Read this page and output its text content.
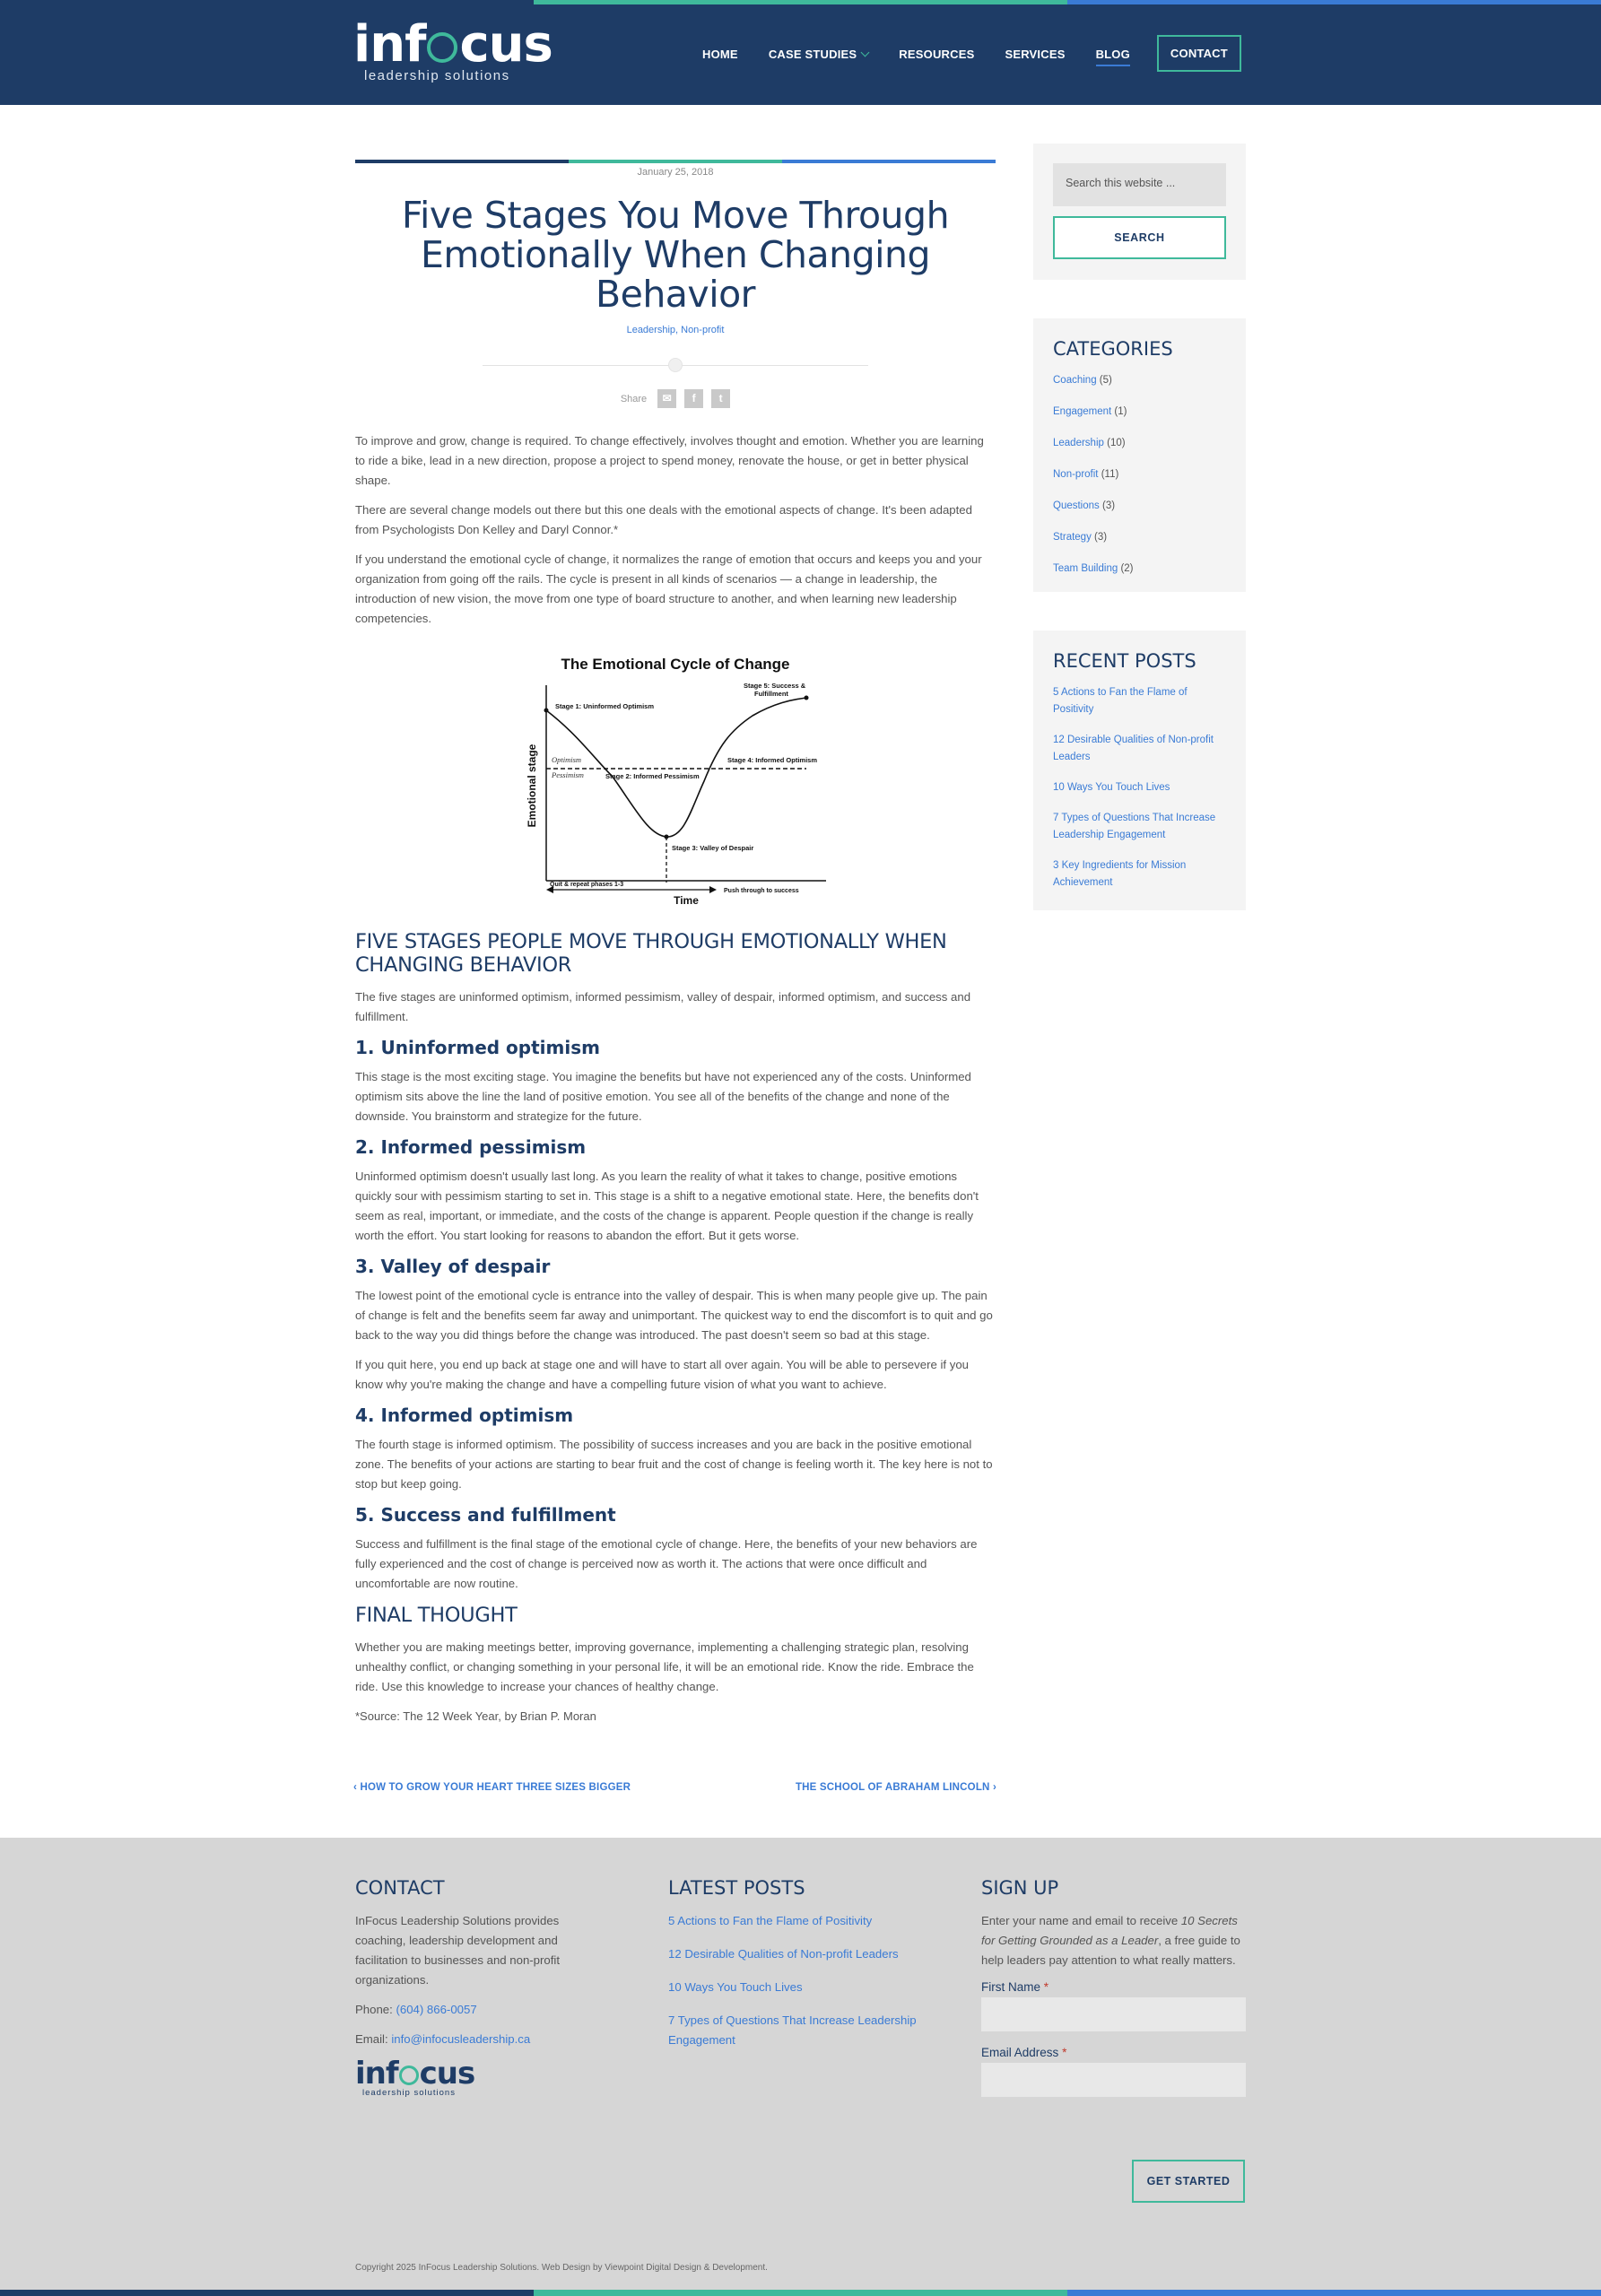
inf cus
leadership solutions
HOME	CASE STUDIES	RESOURCES	SERVICES	BLOG	CONTACT
January 25, 2018
Five Stages You Move Through Emotionally When Changing Behavior
Leadership, Non-profit
Share	✉	f	t

To improve and grow, change is required. To change effectively, involves thought and emotion. Whether you are learning to ride a bike, lead in a new direction, propose a project to spend money, renovate the house, or get in better physical shape.

There are several change models out there but this one deals with the emotional aspects of change. It's been adapted from Psychologists Don Kelley and Daryl Connor.*

If you understand the emotional cycle of change, it normalizes the range of emotion that occurs and keeps you and your organization from going off the rails. The cycle is present in all kinds of scenarios — a change in leadership, the introduction of new vision, the move from one type of board structure to another, and when learning new leadership competencies.

The Emotional Cycle of Change
Emotional stage
Time
Optimism
Pessimism
Stage 1: Uninformed Optimism
Stage 2: Informed Pessimism
Stage 3: Valley of Despair
Stage 4: Informed Optimism
Stage 5: Success &
Fulfillment
Quit & repeat phases 1-3
Push through to success
FIVE STAGES PEOPLE MOVE THROUGH EMOTIONALLY WHEN CHANGING BEHAVIOR

The five stages are uninformed optimism, informed pessimism, valley of despair, informed optimism, and success and fulfillment.

1. Uninformed optimism

This stage is the most exciting stage. You imagine the benefits but have not experienced any of the costs. Uninformed optimism sits above the line the land of positive emotion. You see all of the benefits of the change and none of the downside. You brainstorm and strategize for the future.

2. Informed pessimism

Uninformed optimism doesn't usually last long. As you learn the reality of what it takes to change, positive emotions quickly sour with pessimism starting to set in. This stage is a shift to a negative emotional state. Here, the benefits don't seem as real, important, or immediate, and the costs of the change is apparent. People question if the change is really worth the effort. You start looking for reasons to abandon the effort. But it gets worse.

3. Valley of despair

The lowest point of the emotional cycle is entrance into the valley of despair. This is when many people give up. The pain of change is felt and the benefits seem far away and unimportant. The quickest way to end the discomfort is to quit and go back to the way you did things before the change was introduced. The past doesn't seem so bad at this stage.

If you quit here, you end up back at stage one and will have to start all over again. You will be able to persevere if you know why you're making the change and have a compelling future vision of what you want to achieve.

4. Informed optimism

The fourth stage is informed optimism. The possibility of success increases and you are back in the positive emotional zone. The benefits of your actions are starting to bear fruit and the cost of change is feeling worth it. The key here is not to stop but keep going.

5. Success and fulfillment

Success and fulfillment is the final stage of the emotional cycle of change. Here, the benefits of your new behaviors are fully experienced and the cost of change is perceived now as worth it. The actions that were once difficult and uncomfortable are now routine.

FINAL THOUGHT

Whether you are making meetings better, improving governance, implementing a challenging strategic plan, resolving unhealthy conflict, or changing something in your personal life, it will be an emotional ride. Know the ride. Embrace the ride. Use this knowledge to increase your chances of healthy change.

*Source: The 12 Week Year, by Brian P. Moran

‹ HOW TO GROW YOUR HEART THREE SIZES BIGGER	THE SCHOOL OF ABRAHAM LINCOLN ›
Search this website ...
SEARCH
CATEGORIES
Coaching (5)
Engagement (1)
Leadership (10)
Non-profit (11)
Questions (3)
Strategy (3)
Team Building (2)
RECENT POSTS
5 Actions to Fan the Flame of Positivity
12 Desirable Qualities of Non-profit Leaders
10 Ways You Touch Lives
7 Types of Questions That Increase Leadership Engagement
3 Key Ingredients for Mission Achievement
CONTACT

InFocus Leadership Solutions provides coaching, leadership development and facilitation to businesses and non-profit organizations.

Phone: (604) 866-0057

Email: info@infocusleadership.ca

inf cus
leadership solutions
LATEST POSTS
5 Actions to Fan the Flame of Positivity
12 Desirable Qualities of Non-profit Leaders
10 Ways You Touch Lives
7 Types of Questions That Increase Leadership Engagement
SIGN UP

Enter your name and email to receive 10 Secrets for Getting Grounded as a Leader, a free guide to help leaders pay attention to what really matters.

First Name *
Email Address *
Copyright 2025 InFocus Leadership Solutions. Web Design by Viewpoint Digital Design & Development.
GET STARTED
